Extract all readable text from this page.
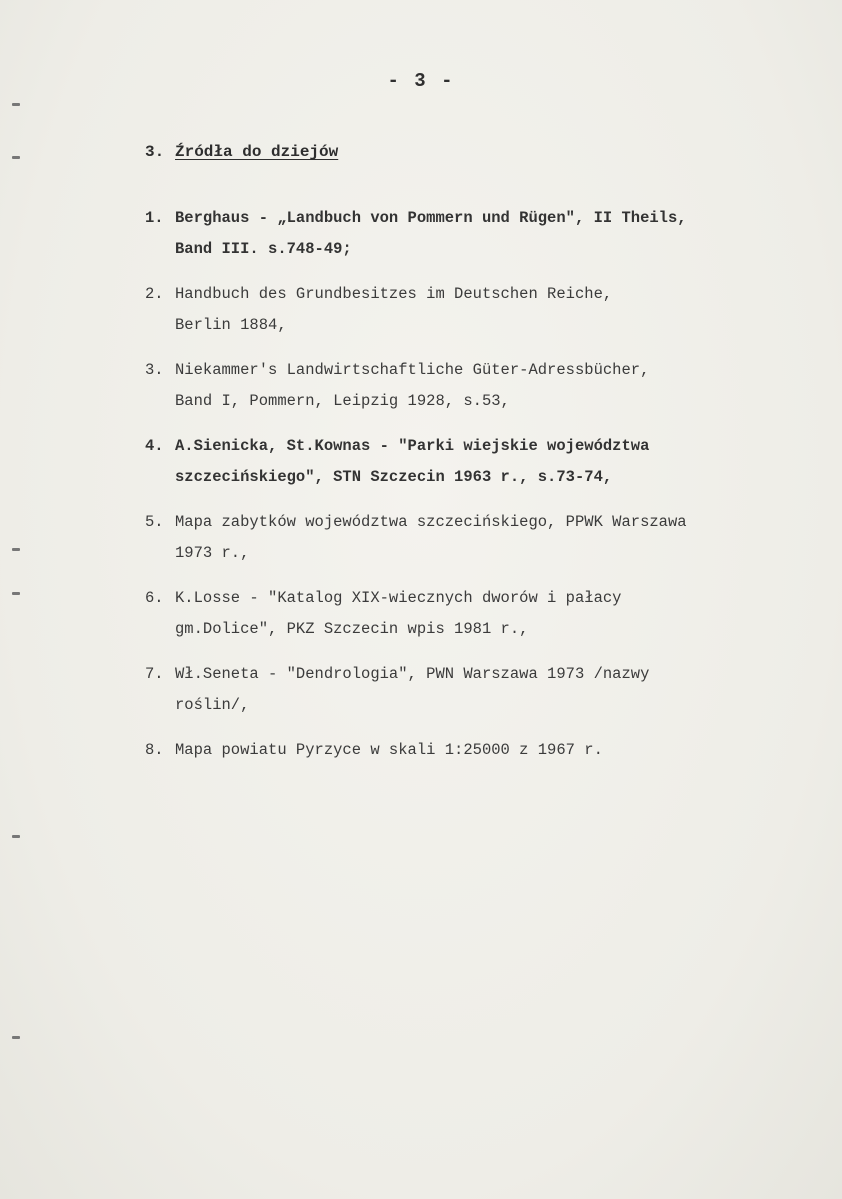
- 3 -
3. Źródła do dziejów
1. Berghaus - „Landbuch von Pommern und Rügen", II Theils,
Band III. s.748-49;
2. Handbuch des Grundbesitzes im Deutschen Reiche,
Berlin 1884,
3. Niekammer's Landwirtschaftliche Güter-Adressbücher,
Band I, Pommern, Leipzig 1928, s.53,
4. A.Sienicka, St.Kownas - "Parki wiejskie województwa
szczecińskiego", STN Szczecin 1963 r., s.73-74,
5. Mapa zabytków województwa szczecińskiego, PPWK Warszawa
1973 r.,
6. K.Losse - "Katalog XIX-wiecznych dworów i pałacy
gm.Dolice", PKZ Szczecin wpis 1981 r.,
7. Wł.Seneta - "Dendrologia", PWN Warszawa 1973 /nazwy
roślin/,
8. Mapa powiatu Pyrzyce w skali 1:25000 z 1967 r.
